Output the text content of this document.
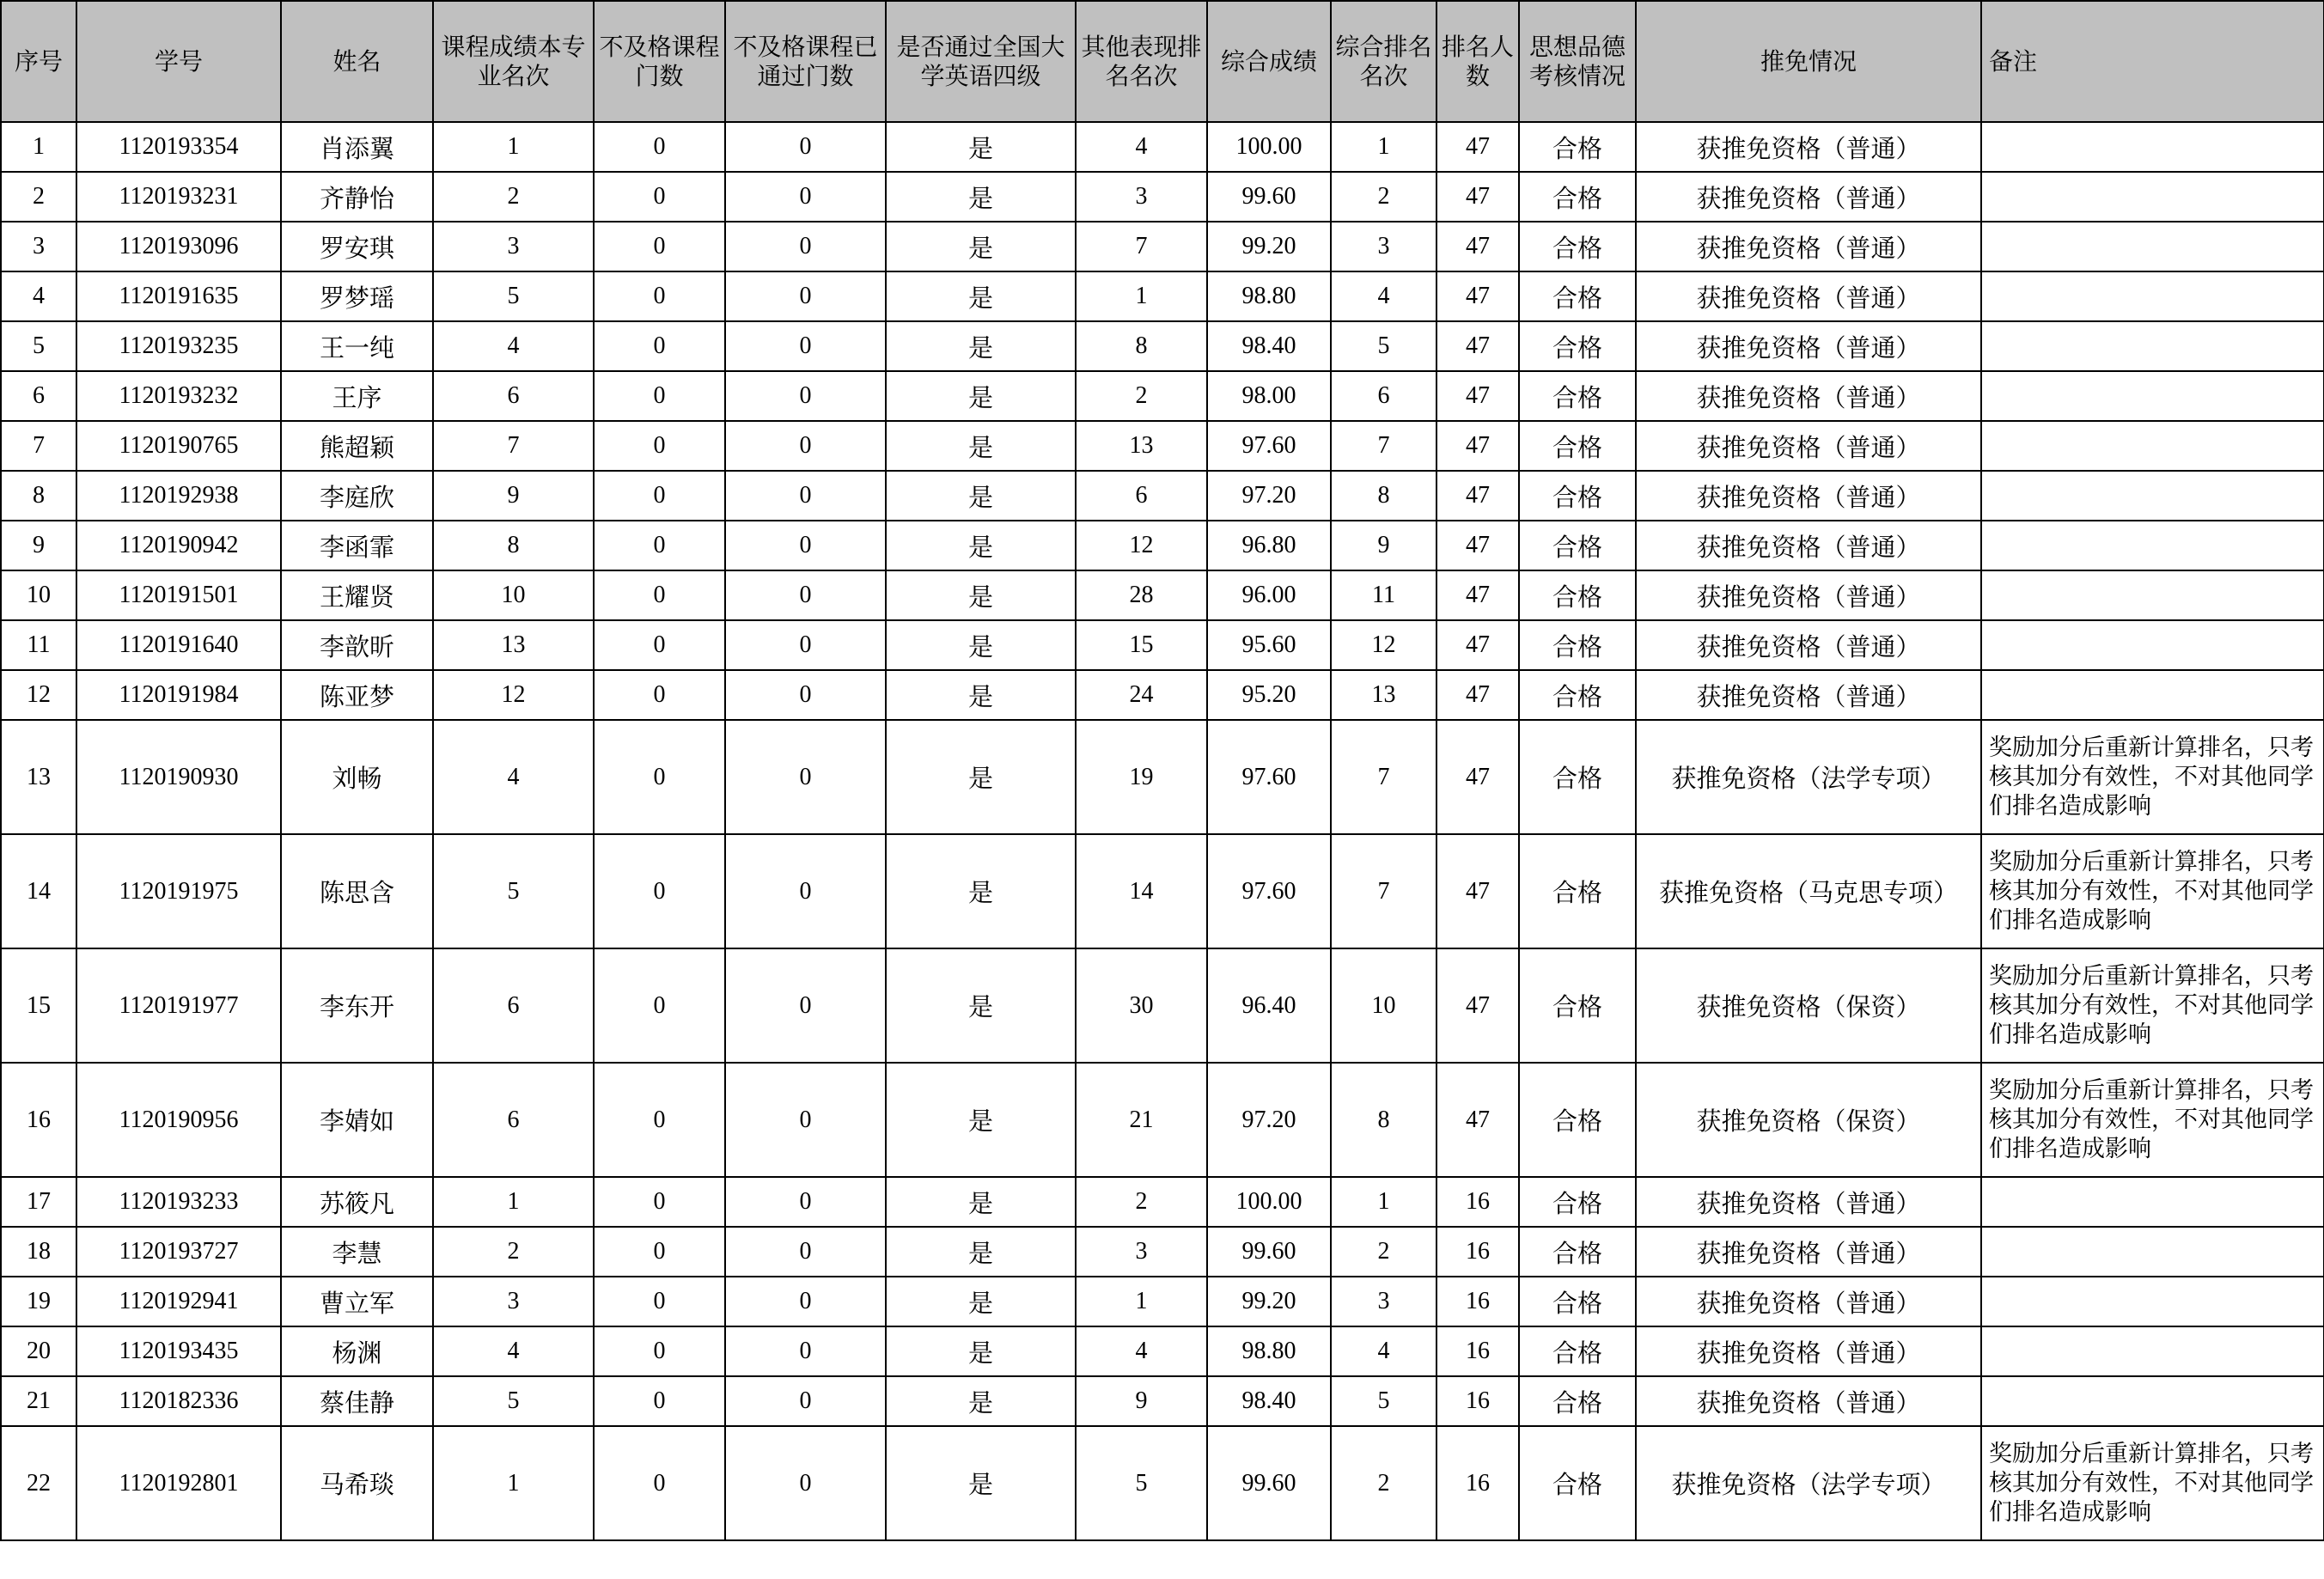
序号	学号	姓名	课程成绩本专业名次	不及格课程门数	不及格课程已通过门数	是否通过全国大学英语四级	其他表现排名名次	综合成绩	综合排名名次	排名人数	思想品德考核情况	推免情况	备注
1	1120193354	肖添翼	1	0	0	是	4	100.00	1	47	合格	获推免资格（普通）	
2	1120193231	齐静怡	2	0	0	是	3	99.60	2	47	合格	获推免资格（普通）	
3	1120193096	罗安琪	3	0	0	是	7	99.20	3	47	合格	获推免资格（普通）	
4	1120191635	罗梦瑶	5	0	0	是	1	98.80	4	47	合格	获推免资格（普通）	
5	1120193235	王一纯	4	0	0	是	8	98.40	5	47	合格	获推免资格（普通）	
6	1120193232	王序	6	0	0	是	2	98.00	6	47	合格	获推免资格（普通）	
7	1120190765	熊超颖	7	0	0	是	13	97.60	7	47	合格	获推免资格（普通）	
8	1120192938	李庭欣	9	0	0	是	6	97.20	8	47	合格	获推免资格（普通）	
9	1120190942	李函霏	8	0	0	是	12	96.80	9	47	合格	获推免资格（普通）	
10	1120191501	王耀贤	10	0	0	是	28	96.00	11	47	合格	获推免资格（普通）	
11	1120191640	李歆昕	13	0	0	是	15	95.60	12	47	合格	获推免资格（普通）	
12	1120191984	陈亚梦	12	0	0	是	24	95.20	13	47	合格	获推免资格（普通）	
13	1120190930	刘畅	4	0	0	是	19	97.60	7	47	合格	获推免资格（法学专项）	奖励加分后重新计算排名，只考核其加分有效性，不对其他同学们排名造成影响
14	1120191975	陈思含	5	0	0	是	14	97.60	7	47	合格	获推免资格（马克思专项）	奖励加分后重新计算排名，只考核其加分有效性，不对其他同学们排名造成影响
15	1120191977	李东开	6	0	0	是	30	96.40	10	47	合格	获推免资格（保资）	奖励加分后重新计算排名，只考核其加分有效性，不对其他同学们排名造成影响
16	1120190956	李婧如	6	0	0	是	21	97.20	8	47	合格	获推免资格（保资）	奖励加分后重新计算排名，只考核其加分有效性，不对其他同学们排名造成影响
17	1120193233	苏筱凡	1	0	0	是	2	100.00	1	16	合格	获推免资格（普通）	
18	1120193727	李慧	2	0	0	是	3	99.60	2	16	合格	获推免资格（普通）	
19	1120192941	曹立军	3	0	0	是	1	99.20	3	16	合格	获推免资格（普通）	
20	1120193435	杨渊	4	0	0	是	4	98.80	4	16	合格	获推免资格（普通）	
21	1120182336	蔡佳静	5	0	0	是	9	98.40	5	16	合格	获推免资格（普通）	
22	1120192801	马希琰	1	0	0	是	5	99.60	2	16	合格	获推免资格（法学专项）	奖励加分后重新计算排名，只考核其加分有效性，不对其他同学们排名造成影响
